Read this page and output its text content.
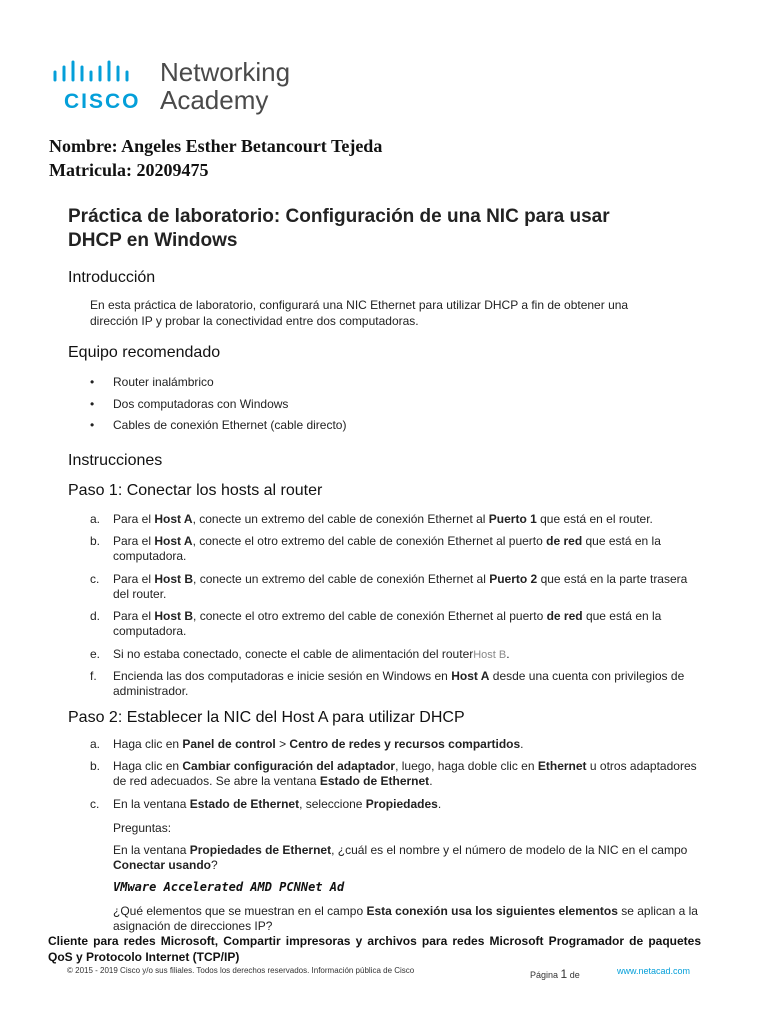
CISCO
Networking
Academy
Nombre: Angeles Esther Betancourt Tejeda
Matricula: 20209475
Práctica de laboratorio: Configuración de una NIC para usar
DHCP en Windows
Introducción
En esta práctica de laboratorio, configurará una NIC Ethernet para utilizar DHCP a fin de obtener una
dirección IP y probar la conectividad entre dos computadoras.
Equipo recomendado
• Router inalámbrico
• Dos computadoras con Windows
• Cables de conexión Ethernet (cable directo)
Instrucciones
Paso 1: Conectar los hosts al router
a. Para el Host A, conecte un extremo del cable de conexión Ethernet al Puerto 1 que está en el router.
b. Para el Host A, conecte el otro extremo del cable de conexión Ethernet al puerto de red que está en la computadora.
c. Para el Host B, conecte un extremo del cable de conexión Ethernet al Puerto 2 que está en la parte trasera del router.
d. Para el Host B, conecte el otro extremo del cable de conexión Ethernet al puerto de red que está en la computadora.
e. Si no estaba conectado, conecte el cable de alimentación del routerHost B.
f. Encienda las dos computadoras e inicie sesión en Windows en Host A desde una cuenta con privilegios de administrador.
Paso 2: Establecer la NIC del Host A para utilizar DHCP
a. Haga clic en Panel de control > Centro de redes y recursos compartidos.
b. Haga clic en Cambiar configuración del adaptador, luego, haga doble clic en Ethernet u otros adaptadores de red adecuados. Se abre la ventana Estado de Ethernet.
c. En la ventana Estado de Ethernet, seleccione Propiedades.
Preguntas:
En la ventana Propiedades de Ethernet, ¿cuál es el nombre y el número de modelo de la NIC en el campo Conectar usando?
VMware Accelerated AMD PCNNet Ad
¿Qué elementos que se muestran en el campo Esta conexión usa los siguientes elementos se aplican a la asignación de direcciones IP?
Cliente para redes Microsoft, Compartir impresoras y archivos para redes Microsoft Programador de paquetes QoS y Protocolo Internet (TCP/IP)
© 2015 - 2019 Cisco y/o sus filiales. Todos los derechos reservados. Información pública de Cisco	Página 1 de	www.netacad.com
